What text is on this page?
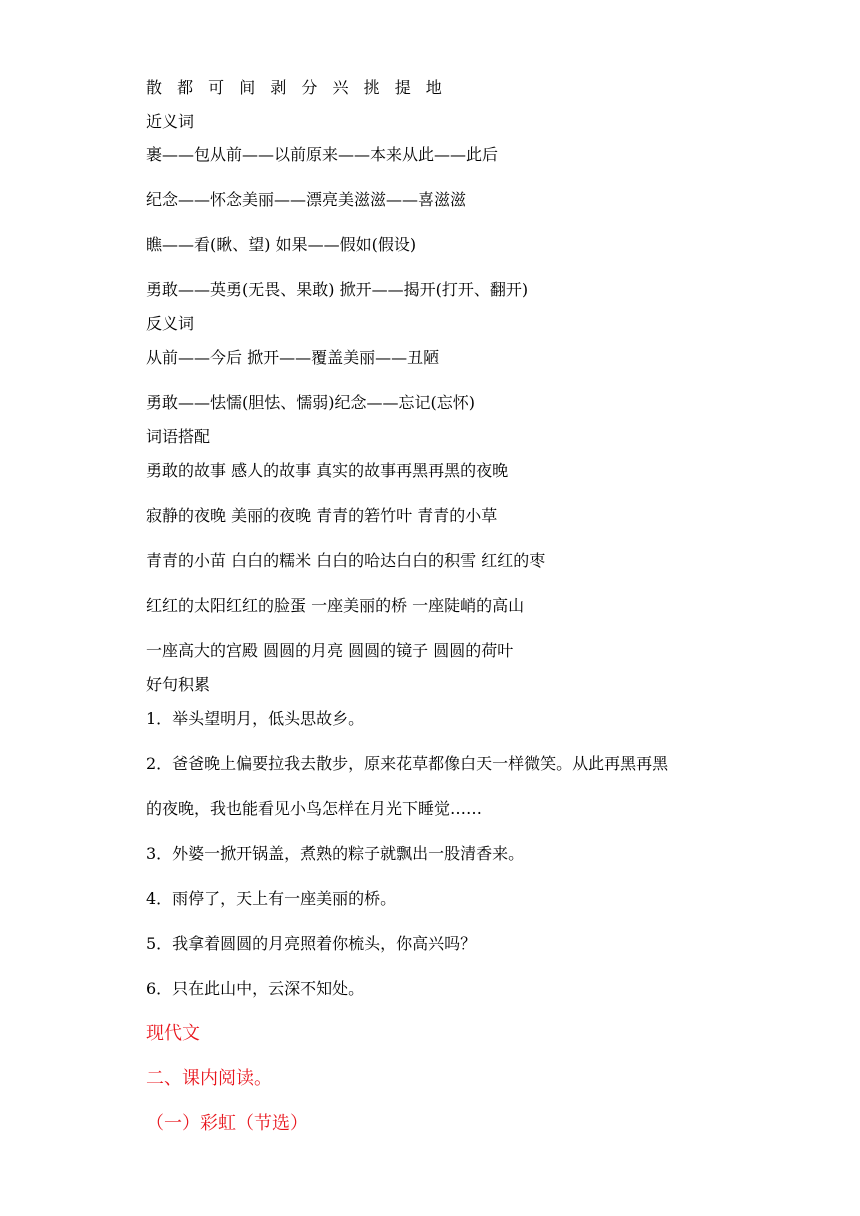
散 都 可 间 剥 分 兴 挑 提 地

近义词

裹——包从前——以前原来——本来从此——此后

纪念——怀念美丽——漂亮美滋滋——喜滋滋

瞧——看(瞅、望) 如果——假如(假设)

勇敢——英勇(无畏、果敢) 掀开——揭开(打开、翻开)

反义词

从前——今后 掀开——覆盖美丽——丑陋

勇敢——怯懦(胆怯、懦弱)纪念——忘记(忘怀)

词语搭配

勇敢的故事 感人的故事 真实的故事再黑再黑的夜晚

寂静的夜晚 美丽的夜晚 青青的箬竹叶 青青的小草

青青的小苗 白白的糯米 白白的哈达白白的积雪 红红的枣

红红的太阳红红的脸蛋 一座美丽的桥 一座陡峭的高山

一座高大的宫殿 圆圆的月亮 圆圆的镜子 圆圆的荷叶

好句积累

1．举头望明月，低头思故乡。

2．爸爸晚上偏要拉我去散步，原来花草都像白天一样微笑。从此再黑再黑

的夜晚，我也能看见小鸟怎样在月光下睡觉……

3．外婆一掀开锅盖，煮熟的粽子就飘出一股清香来。

4．雨停了，天上有一座美丽的桥。

5．我拿着圆圆的月亮照着你梳头，你高兴吗？

6．只在此山中，云深不知处。

现代文

二、课内阅读。

（一）彩虹（节选）
